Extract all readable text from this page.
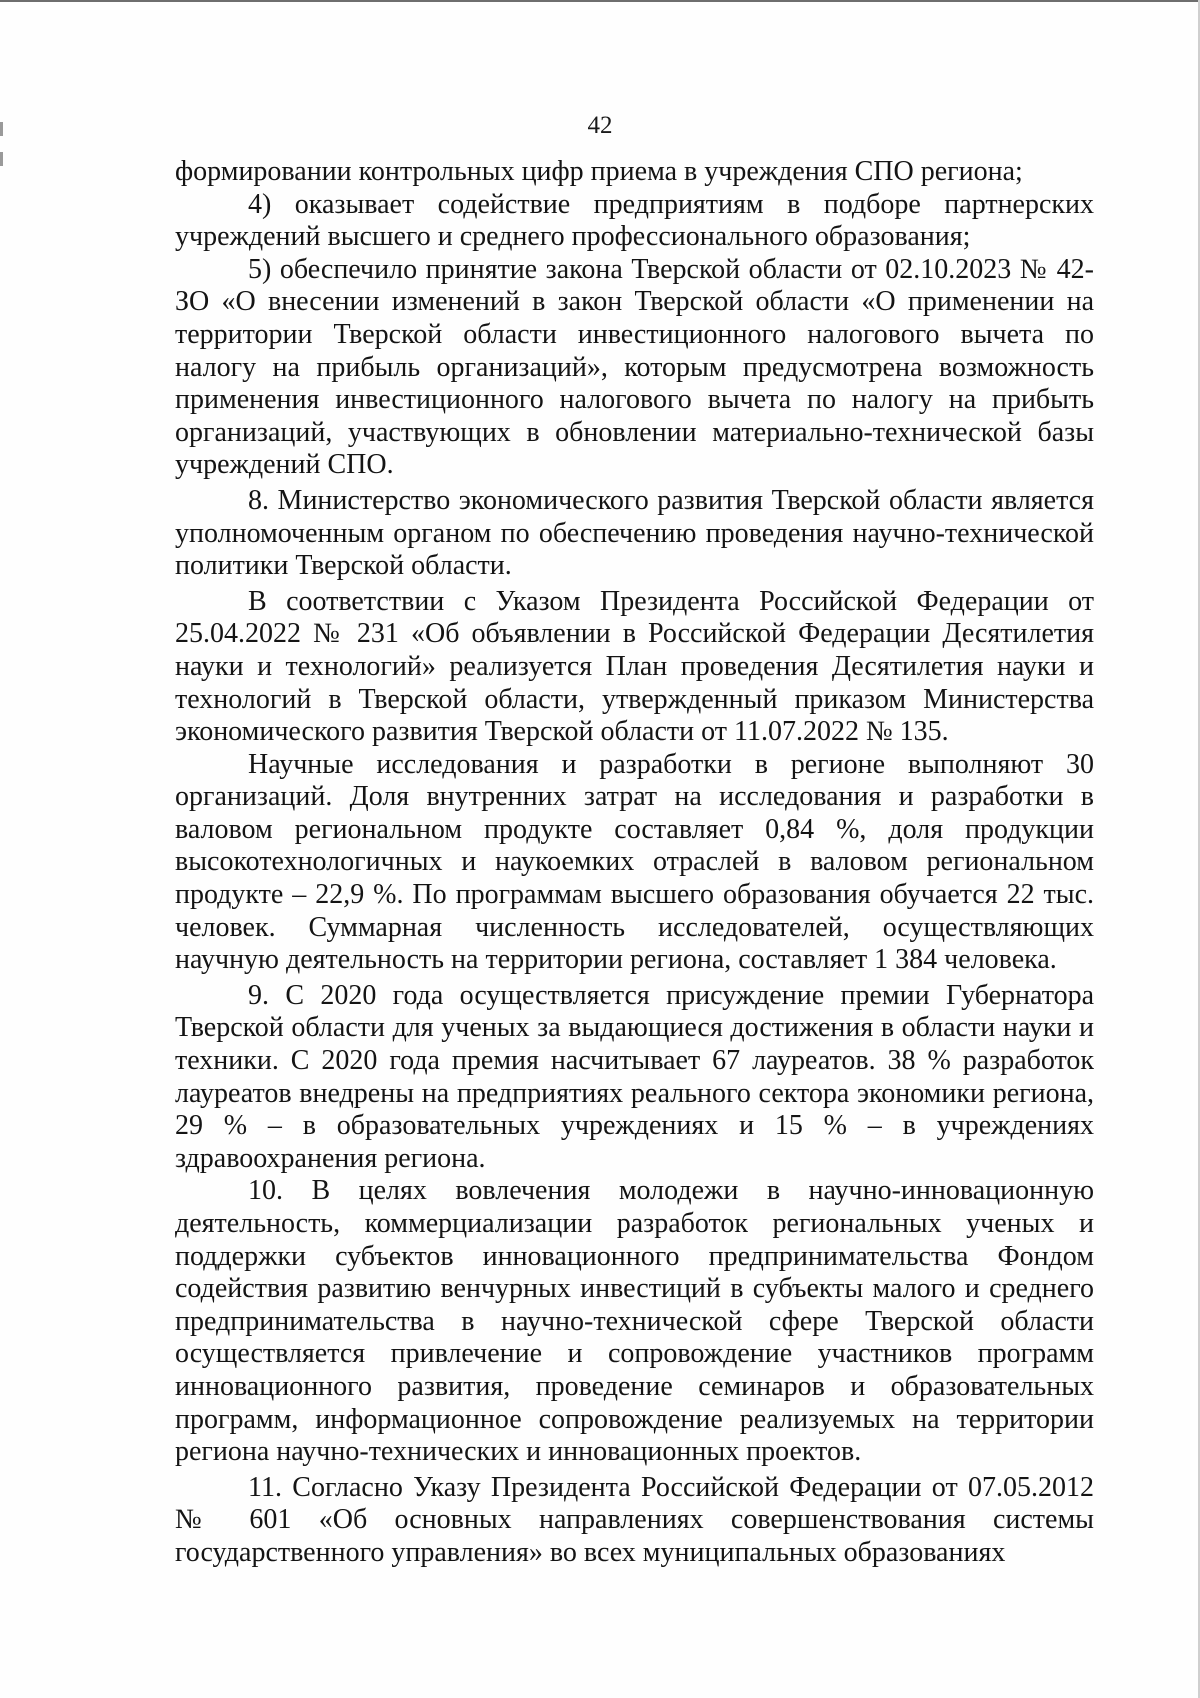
42

формировании контрольных цифр приема в учреждения СПО региона;

4) оказывает содействие предприятиям в подборе партнерских учреждений высшего и среднего профессионального образования;

5) обеспечило принятие закона Тверской области от 02.10.2023 № 42-ЗО «О внесении изменений в закон Тверской области «О применении на территории Тверской области инвестиционного налогового вычета по налогу на прибыль организаций», которым предусмотрена возможность применения инвестиционного налогового вычета по налогу на прибыть организаций, участвующих в обновлении материально-технической базы учреждений СПО.

8. Министерство экономического развития Тверской области является уполномоченным органом по обеспечению проведения научно-технической политики Тверской области.

В соответствии с Указом Президента Российской Федерации от 25.04.2022 № 231 «Об объявлении в Российской Федерации Десятилетия науки и технологий» реализуется План проведения Десятилетия науки и технологий в Тверской области, утвержденный приказом Министерства экономического развития Тверской области от 11.07.2022 № 135.

Научные исследования и разработки в регионе выполняют 30 организаций. Доля внутренних затрат на исследования и разработки в валовом региональном продукте составляет 0,84 %, доля продукции высокотехнологичных и наукоемких отраслей в валовом региональном продукте – 22,9 %. По программам высшего образования обучается 22 тыс. человек. Суммарная численность исследователей, осуществляющих научную деятельность на территории региона, составляет 1 384 человека.

9. С 2020 года осуществляется присуждение премии Губернатора Тверской области для ученых за выдающиеся достижения в области науки и техники. С 2020 года премия насчитывает 67 лауреатов. 38 % разработок лауреатов внедрены на предприятиях реального сектора экономики региона, 29 % – в образовательных учреждениях и 15 % – в учреждениях здравоохранения региона.

10. В целях вовлечения молодежи в научно-инновационную деятельность, коммерциализации разработок региональных ученых и поддержки субъектов инновационного предпринимательства Фондом содействия развитию венчурных инвестиций в субъекты малого и среднего предпринимательства в научно-технической сфере Тверской области осуществляется привлечение и сопровождение участников программ инновационного развития, проведение семинаров и образовательных программ, информационное сопровождение реализуемых на территории региона научно-технических и инновационных проектов.

11. Согласно Указу Президента Российской Федерации от 07.05.2012 № 601 «Об основных направлениях совершенствования системы государственного управления» во всех муниципальных образованиях
